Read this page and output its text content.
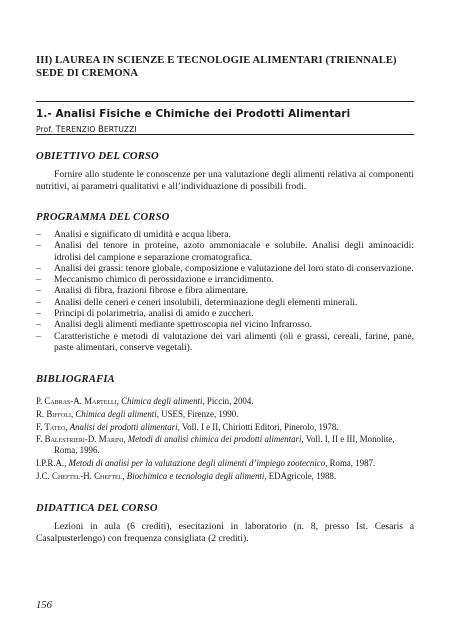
III) LAUREA IN SCIENZE E TECNOLOGIE ALIMENTARI (TRIENNALE)
SEDE DI CREMONA
1.- Analisi Fisiche e Chimiche dei Prodotti Alimentari
Prof. TERENZIO BERTUZZI
OBIETTIVO DEL CORSO
Fornire allo studente le conoscenze per una valutazione degli alimenti relativa ai componenti nutritivi, ai parametri qualitativi e all’individuazione di possibili frodi.
PROGRAMMA DEL CORSO
– Analisi e significato di umidità e acqua libera.
– Analisi del tenore in proteine, azoto ammoniacale e solubile. Analisi degli aminoacidi: idrolisi del campione e separazione cromatografica.
– Analisi dei grassi: tenore globale, composizione e valutazione del loro stato di conservazione.
– Meccanismo chimico di perossidazione e irrancidimento.
– Analisi di fibra, frazioni fibrose e fibra alimentare.
– Analisi delle ceneri e ceneri insolubili, determinazione degli elementi minerali.
– Principi di polarimetria, analisi di amido e zuccheri.
– Analisi degli alimenti mediante spettroscopia nel vicino Infrarosso.
– Caratteristiche e metodi di valutazione dei vari alimenti (oli e grassi, cereali, farine, pane, paste alimentari, conserve vegetali).
BIBLIOGRAFIA
P. Cabras-A. Martelli, Chimica degli alimenti, Piccin, 2004.
R. Biffoli, Chimica degli alimenti, USES, Firenze, 1990.
F. Tateo, Analisi dei prodotti alimentari, Voll. I e II, Chiriotti Editori, Pinerolo, 1978.
F. Balestrieri-D. Marini, Metodi di analisi chimica dei prodotti alimentari, Voll. I, II e III, Monolite, Roma, 1996.
I.P.R.A., Metodi di analisi per la valutazione degli alimenti d’impiego zootecnico, Roma, 1987.
J.C. Cheftel-H. Cheftel, Biochimica e tecnologia degli alimenti, EDAgricole, 1988.
DIDATTICA DEL CORSO
Lezioni in aula (6 crediti), esecitazioni in laboratorio (n. 8, presso Ist. Cesaris a Casalpusterlengo) con frequenza consigliata (2 crediti).
156
